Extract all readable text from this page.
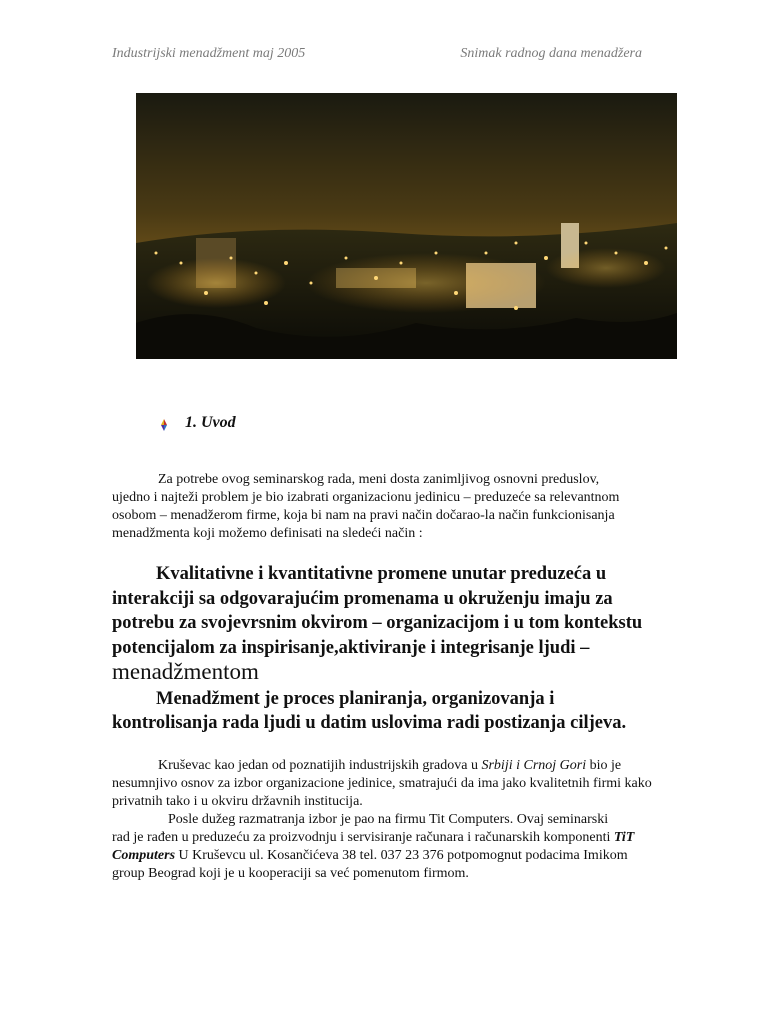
Industrijski menadžment maj 2005	Snimak radnog dana menadžera
1. Uvod
Za potrebe ovog seminarskog rada, meni dosta zanimljivog osnovni preduslov,
ujedno i najteži problem je bio izabrati organizacionu jedinicu – preduzeće sa relevantnom osobom – menadžerom firme, koja bi nam na pravi način dočarao-la način funkcionisanja menadžmenta koji možemo definisati na sledeći način :
Kvalitativne i kvantitativne promene unutar preduzeća u
interakciji sa odgovarajućim promenama u okruženju imaju za potrebu za svojevrsnim okvirom – organizacijom i u tom kontekstu potencijalom za inspirisanje,aktiviranje i integrisanje ljudi – menadžmentom
Menadžment je proces planiranja, organizovanja i
kontrolisanja rada ljudi u datim uslovima radi postizanja ciljeva.
Kruševac kao jedan od poznatijih industrijskih gradova u Srbiji i Crnoj Gori bio je nesumnjivo osnov za izbor organizacione jedinice, smatrajući da ima jako kvalitetnih firmi kako privatnih tako i u okviru državnih institucija.
Posle dužeg razmatranja izbor je pao na firmu Tit Computers. Ovaj seminarski
rad je rađen u preduzeću za proizvodnju i servisiranje računara i računarskih komponenti TiT Computers U Kruševcu ul. Kosančićeva 38 tel. 037 23 376 potpomognut podacima Imikom group Beograd koji je u kooperaciji sa već pomenutom firmom.
